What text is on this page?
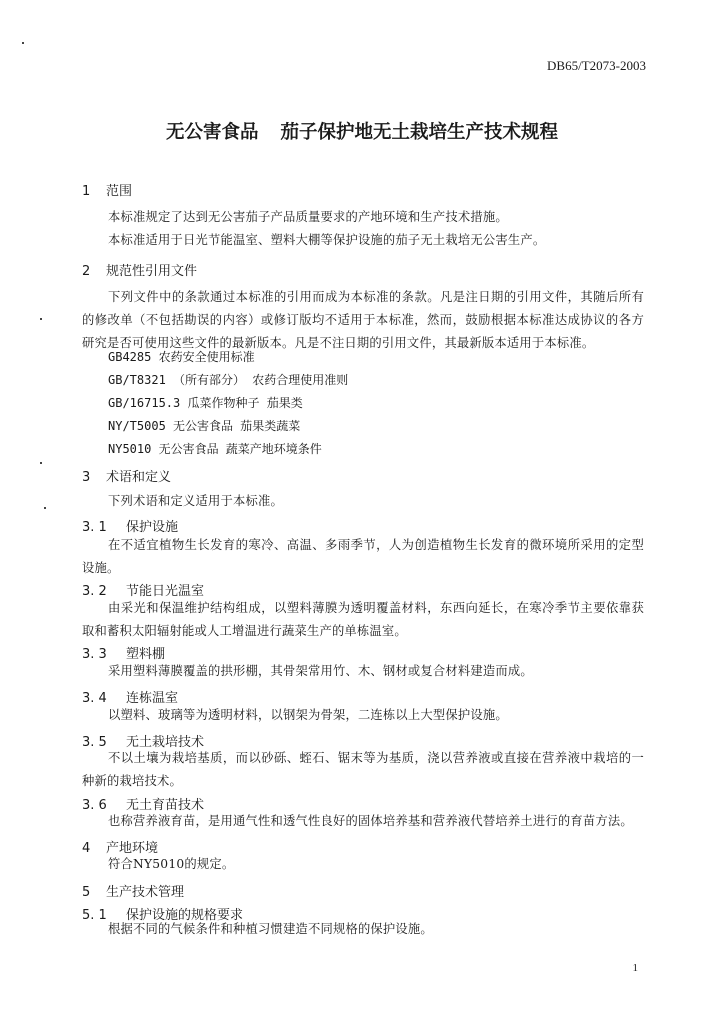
DB65/T2073-2003
无公害食品 茄子保护地无土栽培生产技术规程
1 范围
本标准规定了达到无公害茄子产品质量要求的产地环境和生产技术措施。
本标准适用于日光节能温室、塑料大棚等保护设施的茄子无土栽培无公害生产。
2 规范性引用文件
下列文件中的条款通过本标准的引用而成为本标准的条款。凡是注日期的引用文件，其随后所有的修改单（不包括勘误的内容）或修订版均不适用于本标准，然而，鼓励根据本标准达成协议的各方研究是否可使用这些文件的最新版本。凡是不注日期的引用文件，其最新版本适用于本标准。
GB4285 农药安全使用标准
GB/T8321 （所有部分） 农药合理使用准则
GB/16715.3 瓜菜作物种子 茄果类
NY/T5005 无公害食品 茄果类蔬菜
NY5010 无公害食品 蔬菜产地环境条件
3 术语和定义
下列术语和定义适用于本标准。
3. 1 保护设施
在不适宜植物生长发育的寒冷、高温、多雨季节，人为创造植物生长发育的微环境所采用的定型设施。
3. 2 节能日光温室
由采光和保温维护结构组成，以塑料薄膜为透明覆盖材料，东西向延长，在寒冷季节主要依靠获取和蓄积太阳辐射能或人工增温进行蔬菜生产的单栋温室。
3. 3 塑料棚
采用塑料薄膜覆盖的拱形棚，其骨架常用竹、木、钢材或复合材料建造而成。
3. 4 连栋温室
以塑料、玻璃等为透明材料，以钢架为骨架，二连栋以上大型保护设施。
3. 5 无土栽培技术
不以土壤为栽培基质，而以砂砾、蛭石、锯末等为基质，浇以营养液或直接在营养液中栽培的一种新的栽培技术。
3. 6 无土育苗技术
也称营养液育苗，是用通气性和透气性良好的固体培养基和营养液代替培养土进行的育苗方法。
4 产地环境
符合NY5010的规定。
5 生产技术管理
5. 1 保护设施的规格要求
根据不同的气候条件和种植习惯建造不同规格的保护设施。
1
